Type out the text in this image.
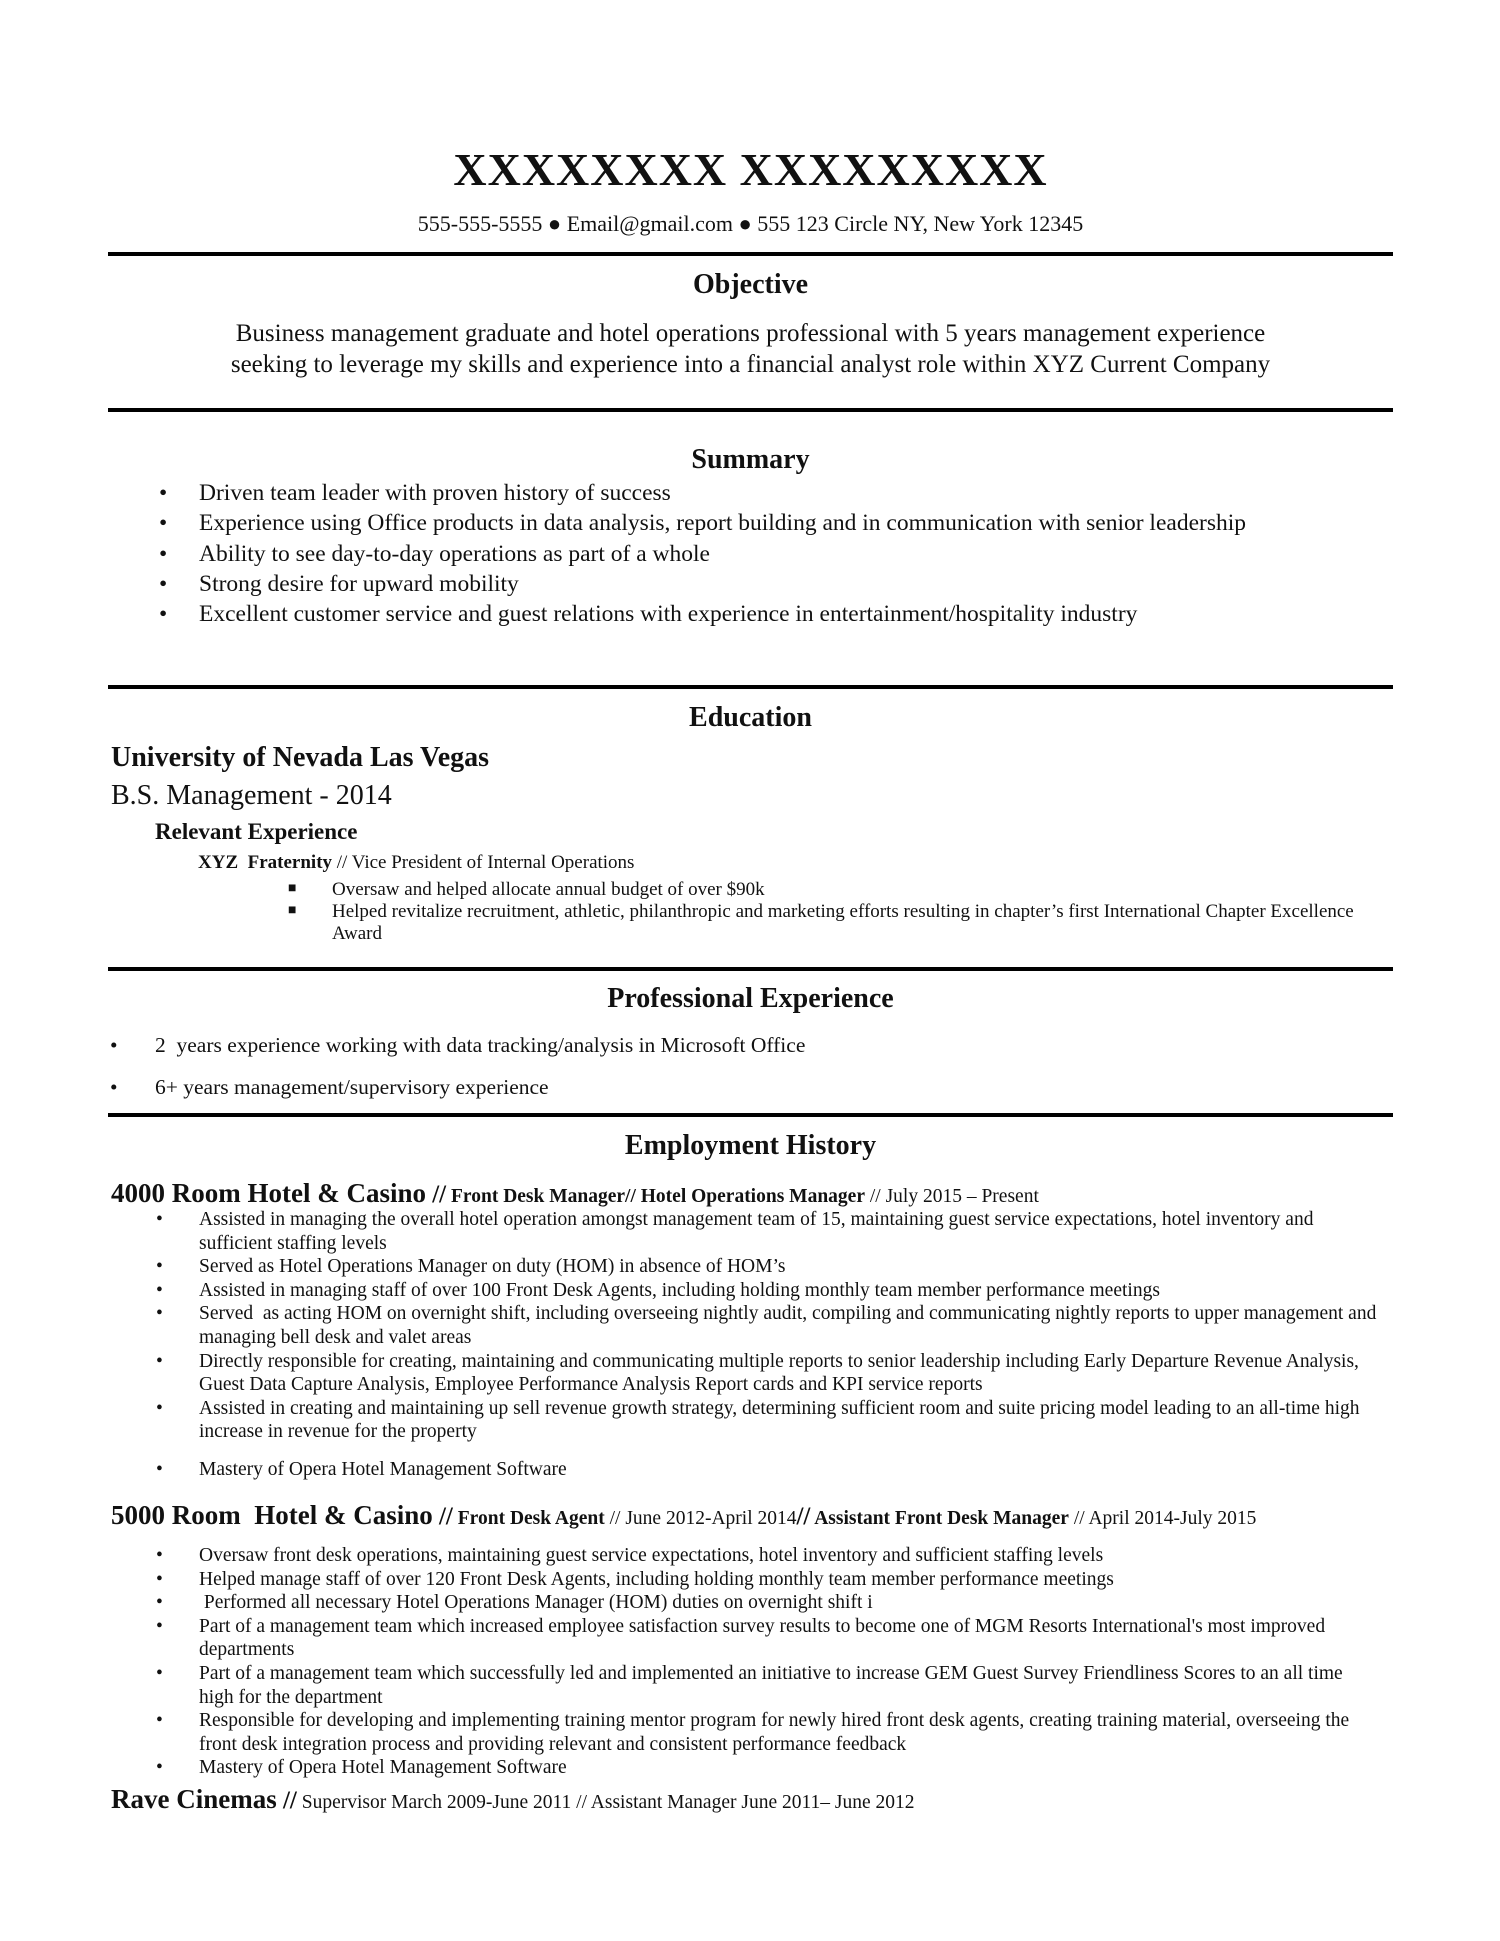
XXXXXXXX XXXXXXXXX
555-555-5555 ● Email@gmail.com ● 555 123 Circle NY, New York 12345
Objective
Business management graduate and hotel operations professional with 5 years management experience
seeking to leverage my skills and experience into a financial analyst role within XYZ Current Company
Summary
• Driven team leader with proven history of success
• Experience using Office products in data analysis, report building and in communication with senior leadership
• Ability to see day-to-day operations as part of a whole
• Strong desire for upward mobility
• Excellent customer service and guest relations with experience in entertainment/hospitality industry
Education
University of Nevada Las Vegas
B.S. Management - 2014
Relevant Experience
XYZ  Fraternity // Vice President of Internal Operations
■ Oversaw and helped allocate annual budget of over $90k
■ Helped revitalize recruitment, athletic, philanthropic and marketing efforts resulting in chapter’s first International Chapter Excellence Award
Professional Experience
• 2  years experience working with data tracking/analysis in Microsoft Office
• 6+ years management/supervisory experience
Employment History
4000 Room Hotel & Casino // Front Desk Manager// Hotel Operations Manager // July 2015 – Present
• Assisted in managing the overall hotel operation amongst management team of 15, maintaining guest service expectations, hotel inventory and sufficient staffing levels
• Served as Hotel Operations Manager on duty (HOM) in absence of HOM’s
• Assisted in managing staff of over 100 Front Desk Agents, including holding monthly team member performance meetings
• Served  as acting HOM on overnight shift, including overseeing nightly audit, compiling and communicating nightly reports to upper management and managing bell desk and valet areas
• Directly responsible for creating, maintaining and communicating multiple reports to senior leadership including Early Departure Revenue Analysis, Guest Data Capture Analysis, Employee Performance Analysis Report cards and KPI service reports
• Assisted in creating and maintaining up sell revenue growth strategy, determining sufficient room and suite pricing model leading to an all-time high increase in revenue for the property
• Mastery of Opera Hotel Management Software
5000 Room  Hotel & Casino // Front Desk Agent // June 2012-April 2014// Assistant Front Desk Manager // April 2014-July 2015
• Oversaw front desk operations, maintaining guest service expectations, hotel inventory and sufficient staffing levels
• Helped manage staff of over 120 Front Desk Agents, including holding monthly team member performance meetings
• Performed all necessary Hotel Operations Manager (HOM) duties on overnight shift i
• Part of a management team which increased employee satisfaction survey results to become one of MGM Resorts International's most improved departments
• Part of a management team which successfully led and implemented an initiative to increase GEM Guest Survey Friendliness Scores to an all time high for the department
• Responsible for developing and implementing training mentor program for newly hired front desk agents, creating training material, overseeing the front desk integration process and providing relevant and consistent performance feedback
• Mastery of Opera Hotel Management Software
Rave Cinemas // Supervisor March 2009-June 2011 // Assistant Manager June 2011– June 2012
